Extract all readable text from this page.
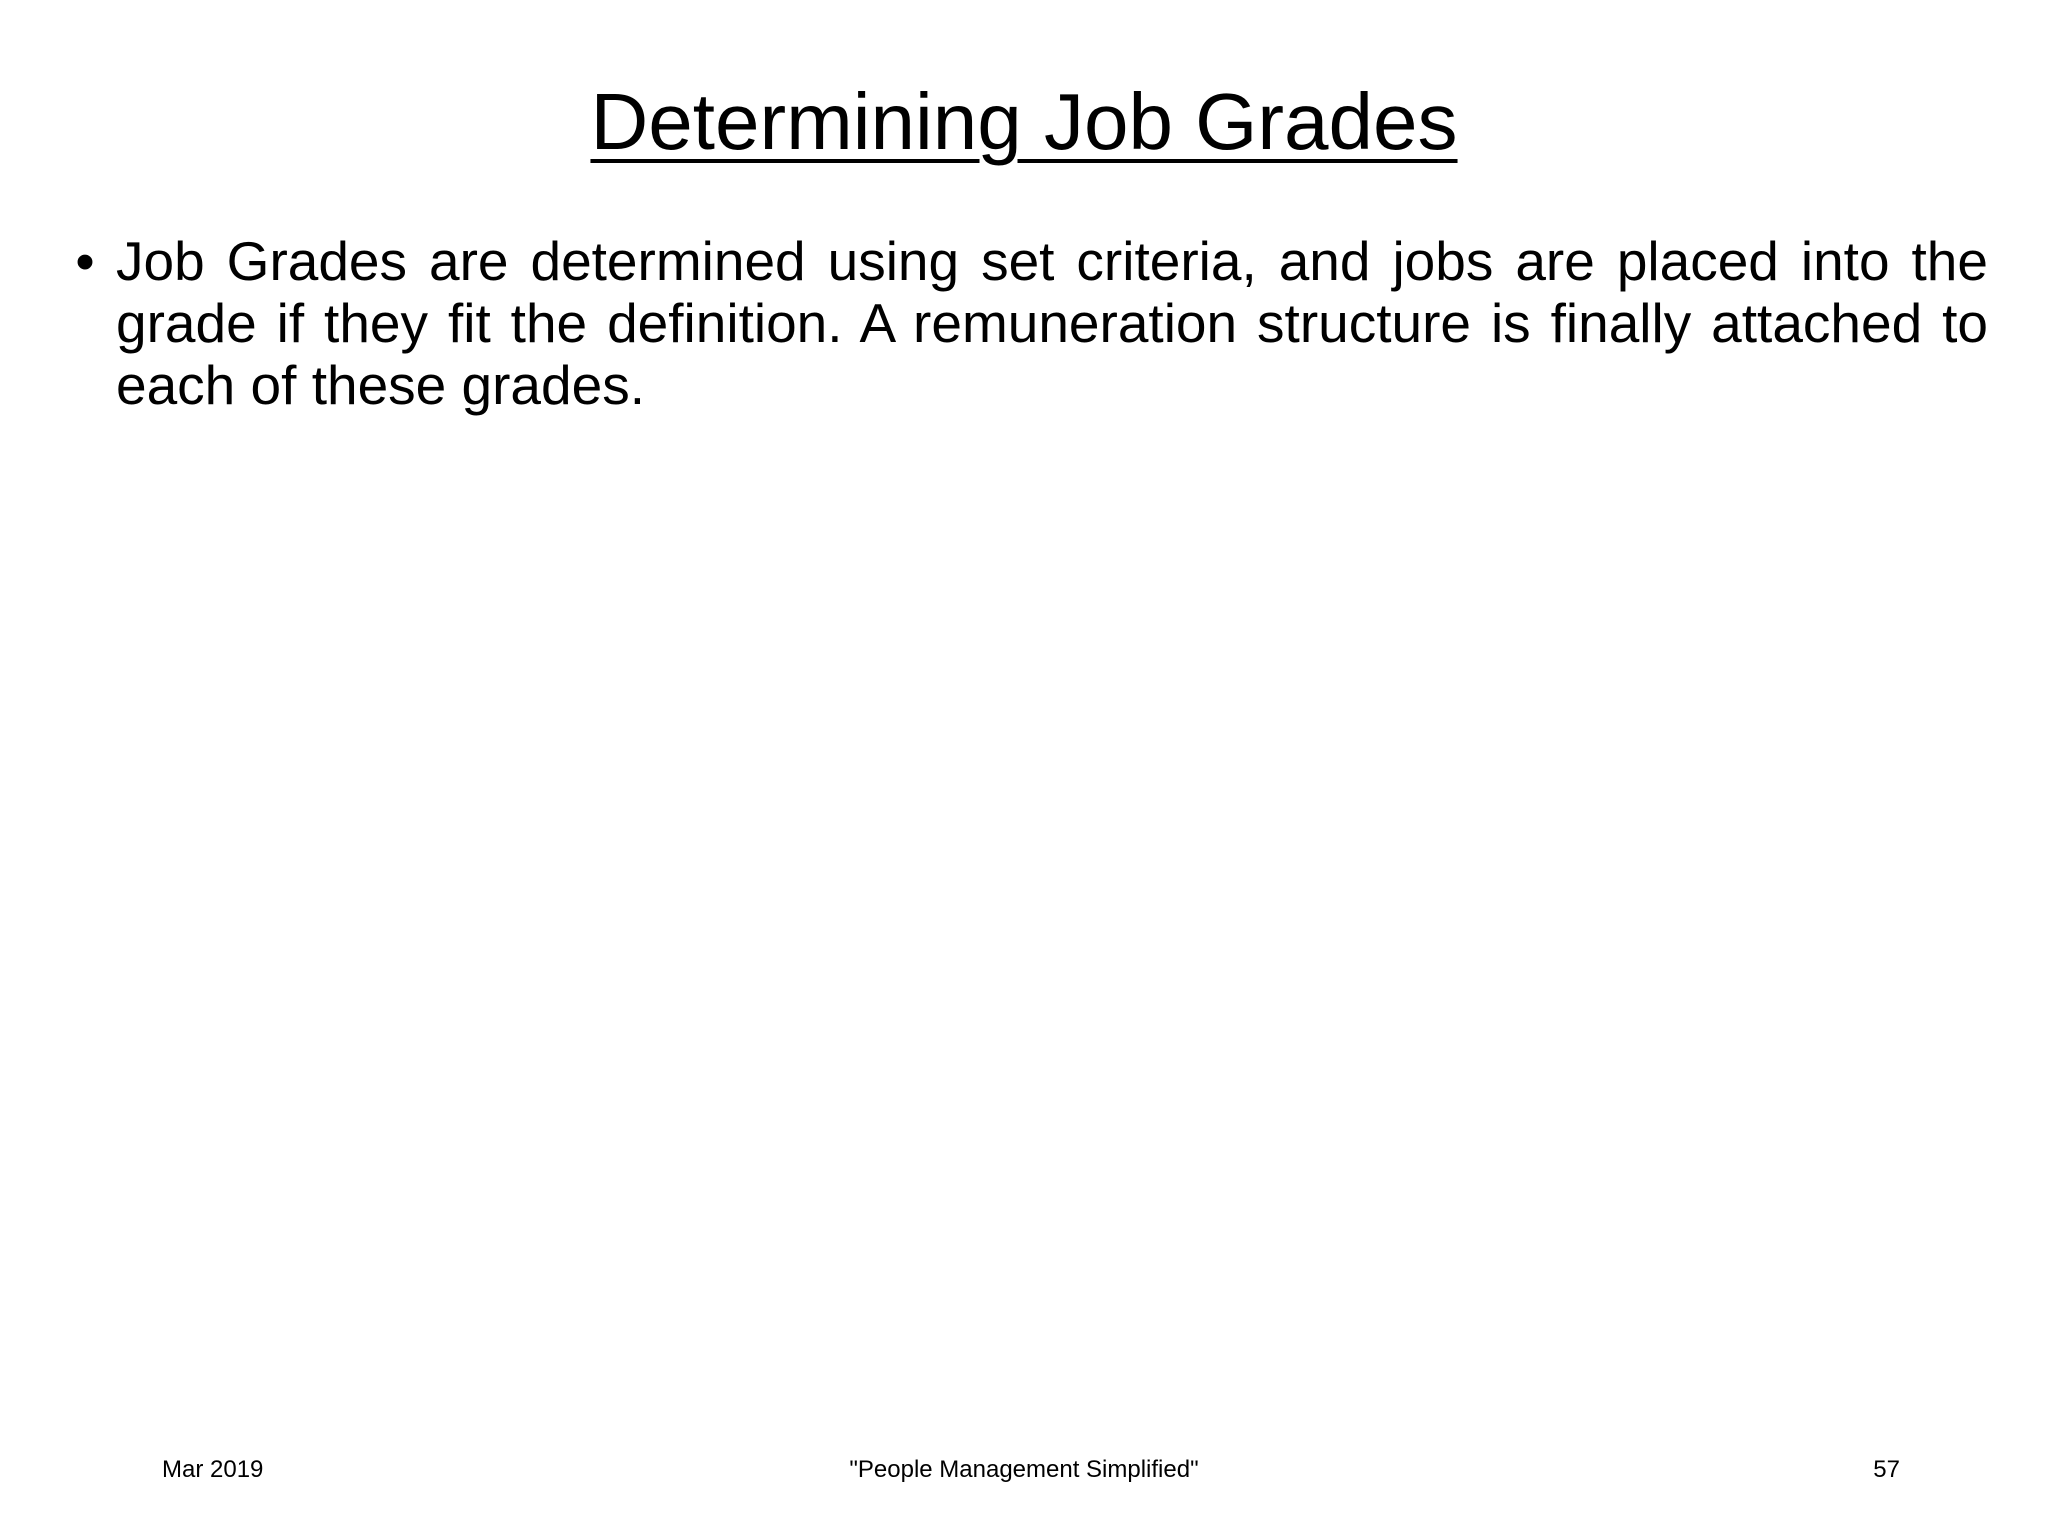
Determining Job Grades
• Job Grades are determined using set criteria, and jobs are placed into the grade if they fit the definition. A remuneration structure is finally attached to each of these grades.
Mar 2019	"People Management Simplified"	57
